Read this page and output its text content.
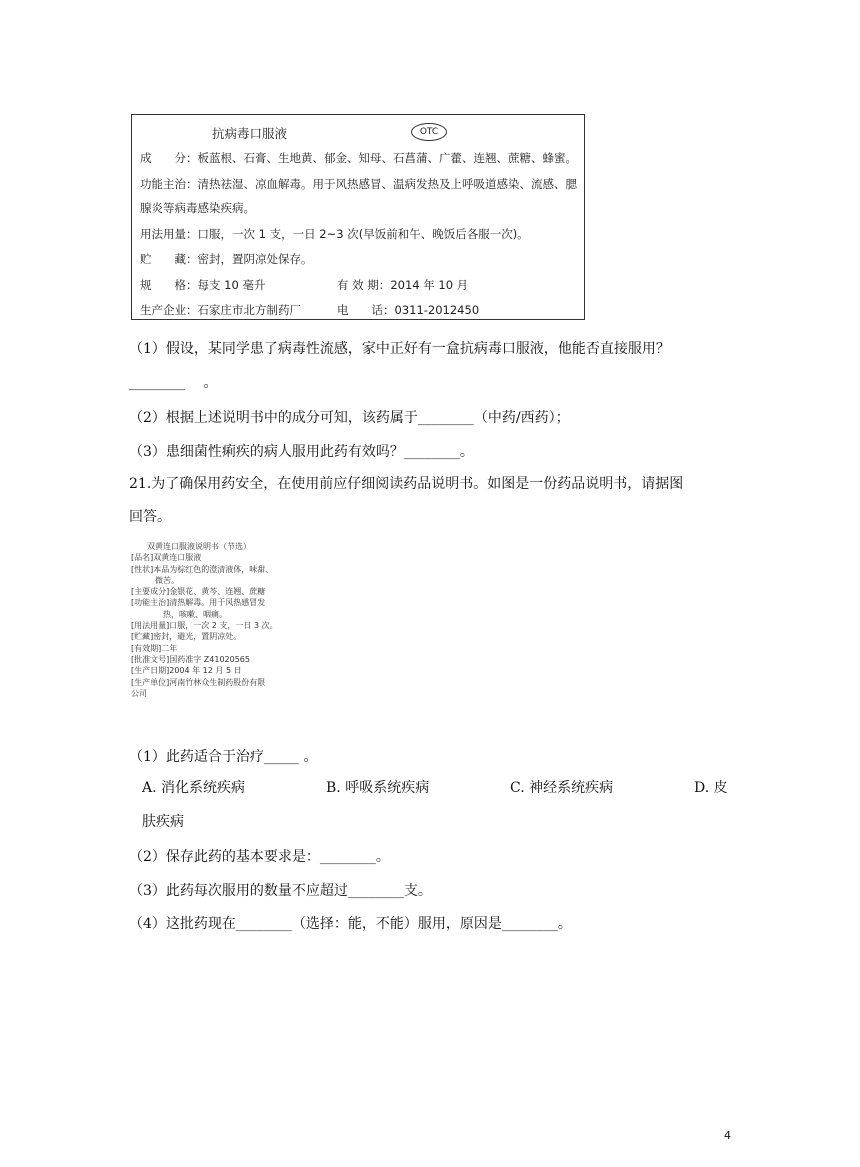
抗病毒口服液	OTC
成　　分：板蓝根、石膏、生地黄、郁金、知母、石菖蒲、广藿、连翘、蔗糖、蜂蜜。
功能主治：清热祛湿、凉血解毒。用于风热感冒、温病发热及上呼吸道感染、流感、腮
腺炎等病毒感染疾病。
用法用量：口服，一次 1 支，一日 2~3 次(早饭前和午、晚饭后各服一次)。
贮　　藏：密封，置阴凉处保存。
规　　格：每支 10 毫升	有 效 期：2014 年 10 月
生产企业：石家庄市北方制药厂	电　　话：0311-2012450
（1）假设，某同学患了病毒性流感，家中正好有一盒抗病毒口服液，他能否直接服用？
________　 。
（2）根据上述说明书中的成分可知，该药属于________（中药/西药）；
（3）患细菌性痢疾的病人服用此药有效吗？________。
21.为了确保用药安全，在使用前应仔细阅读药品说明书。如图是一份药品说明书，请据图
回答。
　　双黄连口服液说明书（节选）
[品名]双黄连口服液
[性状]本品为棕红色的澄清液体，味甜、
　　　微苦。
[主要成分]金银花、黄芩、连翘、蔗糖
[功能主治]清热解毒。用于风热感冒发
　　　　热，咳嗽、咽痛。
[用法用量]口服，一次 2 支，一日 3 次。
[贮藏]密封，避光，置阴凉处。
[有效期]二年
[批准文号]国药准字 Z41020565
[生产日期]2004 年 12 月 5 日
[生产单位]河南竹林众生制药股份有限
公司
（1）此药适合于治疗_____ 。
A. 消化系统疾病	B. 呼吸系统疾病	C. 神经系统疾病	D. 皮
肤疾病
（2）保存此药的基本要求是：________。
（3）此药每次服用的数量不应超过________支。
（4）这批药现在________（选择：能，不能）服用，原因是________。
4
